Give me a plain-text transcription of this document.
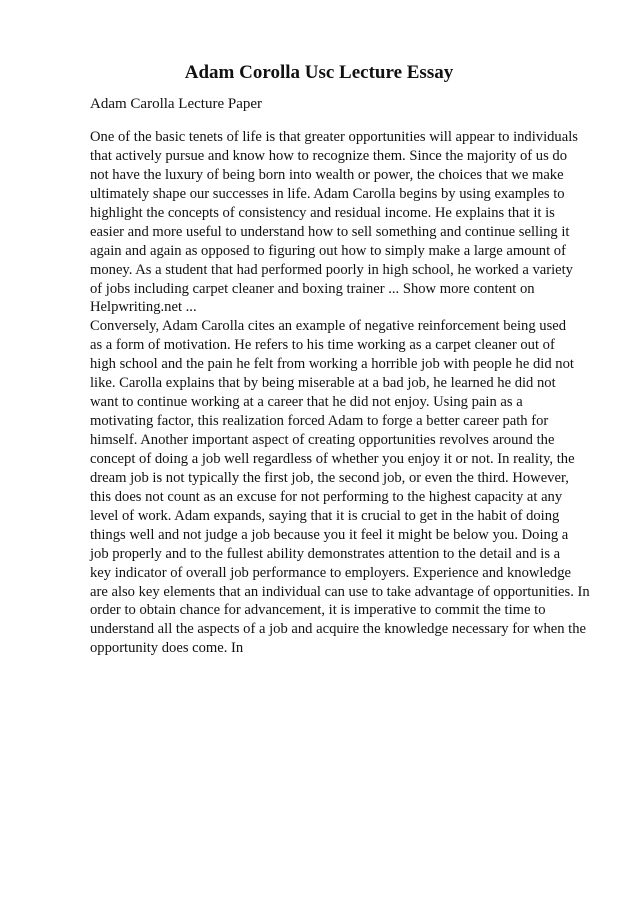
Adam Corolla Usc Lecture Essay

Adam Carolla Lecture Paper

One of the basic tenets of life is that greater opportunities will appear to individuals
that actively pursue and know how to recognize them. Since the majority of us do
not have the luxury of being born into wealth or power, the choices that we make
ultimately shape our successes in life. Adam Carolla begins by using examples to
highlight the concepts of consistency and residual income. He explains that it is
easier and more useful to understand how to sell something and continue selling it
again and again as opposed to figuring out how to simply make a large amount of
money. As a student that had performed poorly in high school, he worked a variety
of jobs including carpet cleaner and boxing trainer ... Show more content on
Helpwriting.net ...
Conversely, Adam Carolla cites an example of negative reinforcement being used
as a form of motivation. He refers to his time working as a carpet cleaner out of
high school and the pain he felt from working a horrible job with people he did not
like. Carolla explains that by being miserable at a bad job, he learned he did not
want to continue working at a career that he did not enjoy. Using pain as a
motivating factor, this realization forced Adam to forge a better career path for
himself. Another important aspect of creating opportunities revolves around the
concept of doing a job well regardless of whether you enjoy it or not. In reality, the
dream job is not typically the first job, the second job, or even the third. However,
this does not count as an excuse for not performing to the highest capacity at any
level of work. Adam expands, saying that it is crucial to get in the habit of doing
things well and not judge a job because you it feel it might be below you. Doing a
job properly and to the fullest ability demonstrates attention to the detail and is a
key indicator of overall job performance to employers. Experience and knowledge
are also key elements that an individual can use to take advantage of opportunities. In
order to obtain chance for advancement, it is imperative to commit the time to
understand all the aspects of a job and acquire the knowledge necessary for when the
opportunity does come. In
